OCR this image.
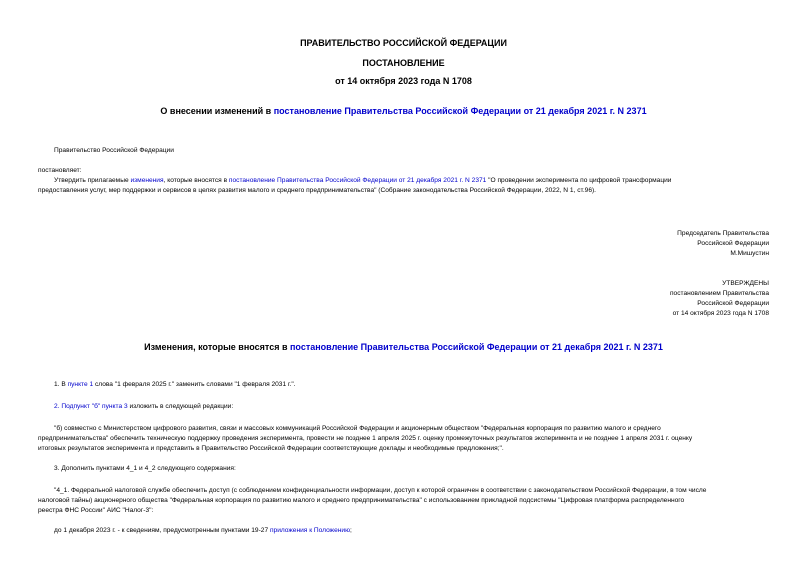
ПРАВИТЕЛЬСТВО РОССИЙСКОЙ ФЕДЕРАЦИИ
ПОСТАНОВЛЕНИЕ
от 14 октября 2023 года N 1708
О внесении изменений в постановление Правительства Российской Федерации от 21 декабря 2021 г. N 2371
Правительство Российской Федерации
постановляет:
Утвердить прилагаемые изменения, которые вносятся в постановление Правительства Российской Федерации от 21 декабря 2021 г. N 2371 "О проведении эксперимента по цифровой трансформации
предоставления услуг, мер поддержки и сервисов в целях развития малого и среднего предпринимательства" (Собрание законодательства Российской Федерации, 2022, N 1, ст.96).
Председатель Правительства
Российской Федерации
М.Мишустин
УТВЕРЖДЕНЫ
постановлением Правительства
Российской Федерации
от 14 октября 2023 года N 1708
Изменения, которые вносятся в постановление Правительства Российской Федерации от 21 декабря 2021 г. N 2371
1. В пункте 1 слова "1 февраля 2025 г." заменить словами "1 февраля 2031 г.".
2. Подпункт "б" пункта 3 изложить в следующей редакции:
"б) совместно с Министерством цифрового развития, связи и массовых коммуникаций Российской Федерации и акционерным обществом "Федеральная корпорация по развитию малого и среднего
предпринимательства" обеспечить техническую поддержку проведения эксперимента, провести не позднее 1 апреля 2025 г. оценку промежуточных результатов эксперимента и не позднее 1 апреля 2031 г. оценку
итоговых результатов эксперимента и представить в Правительство Российской Федерации соответствующие доклады и необходимые предложения;".
3. Дополнить пунктами 4_1 и 4_2 следующего содержания:
"4_1. Федеральной налоговой службе обеспечить доступ (с соблюдением конфиденциальности информации, доступ к которой ограничен в соответствии с законодательством Российской Федерации, в том числе
налоговой тайны) акционерного общества "Федеральная корпорация по развитию малого и среднего предпринимательства" с использованием прикладной подсистемы "Цифровая платформа распределенного
реестра ФНС России" АИС "Налог-3":
до 1 декабря 2023 г. - к сведениям, предусмотренным пунктами 19-27 приложения к Положению;
